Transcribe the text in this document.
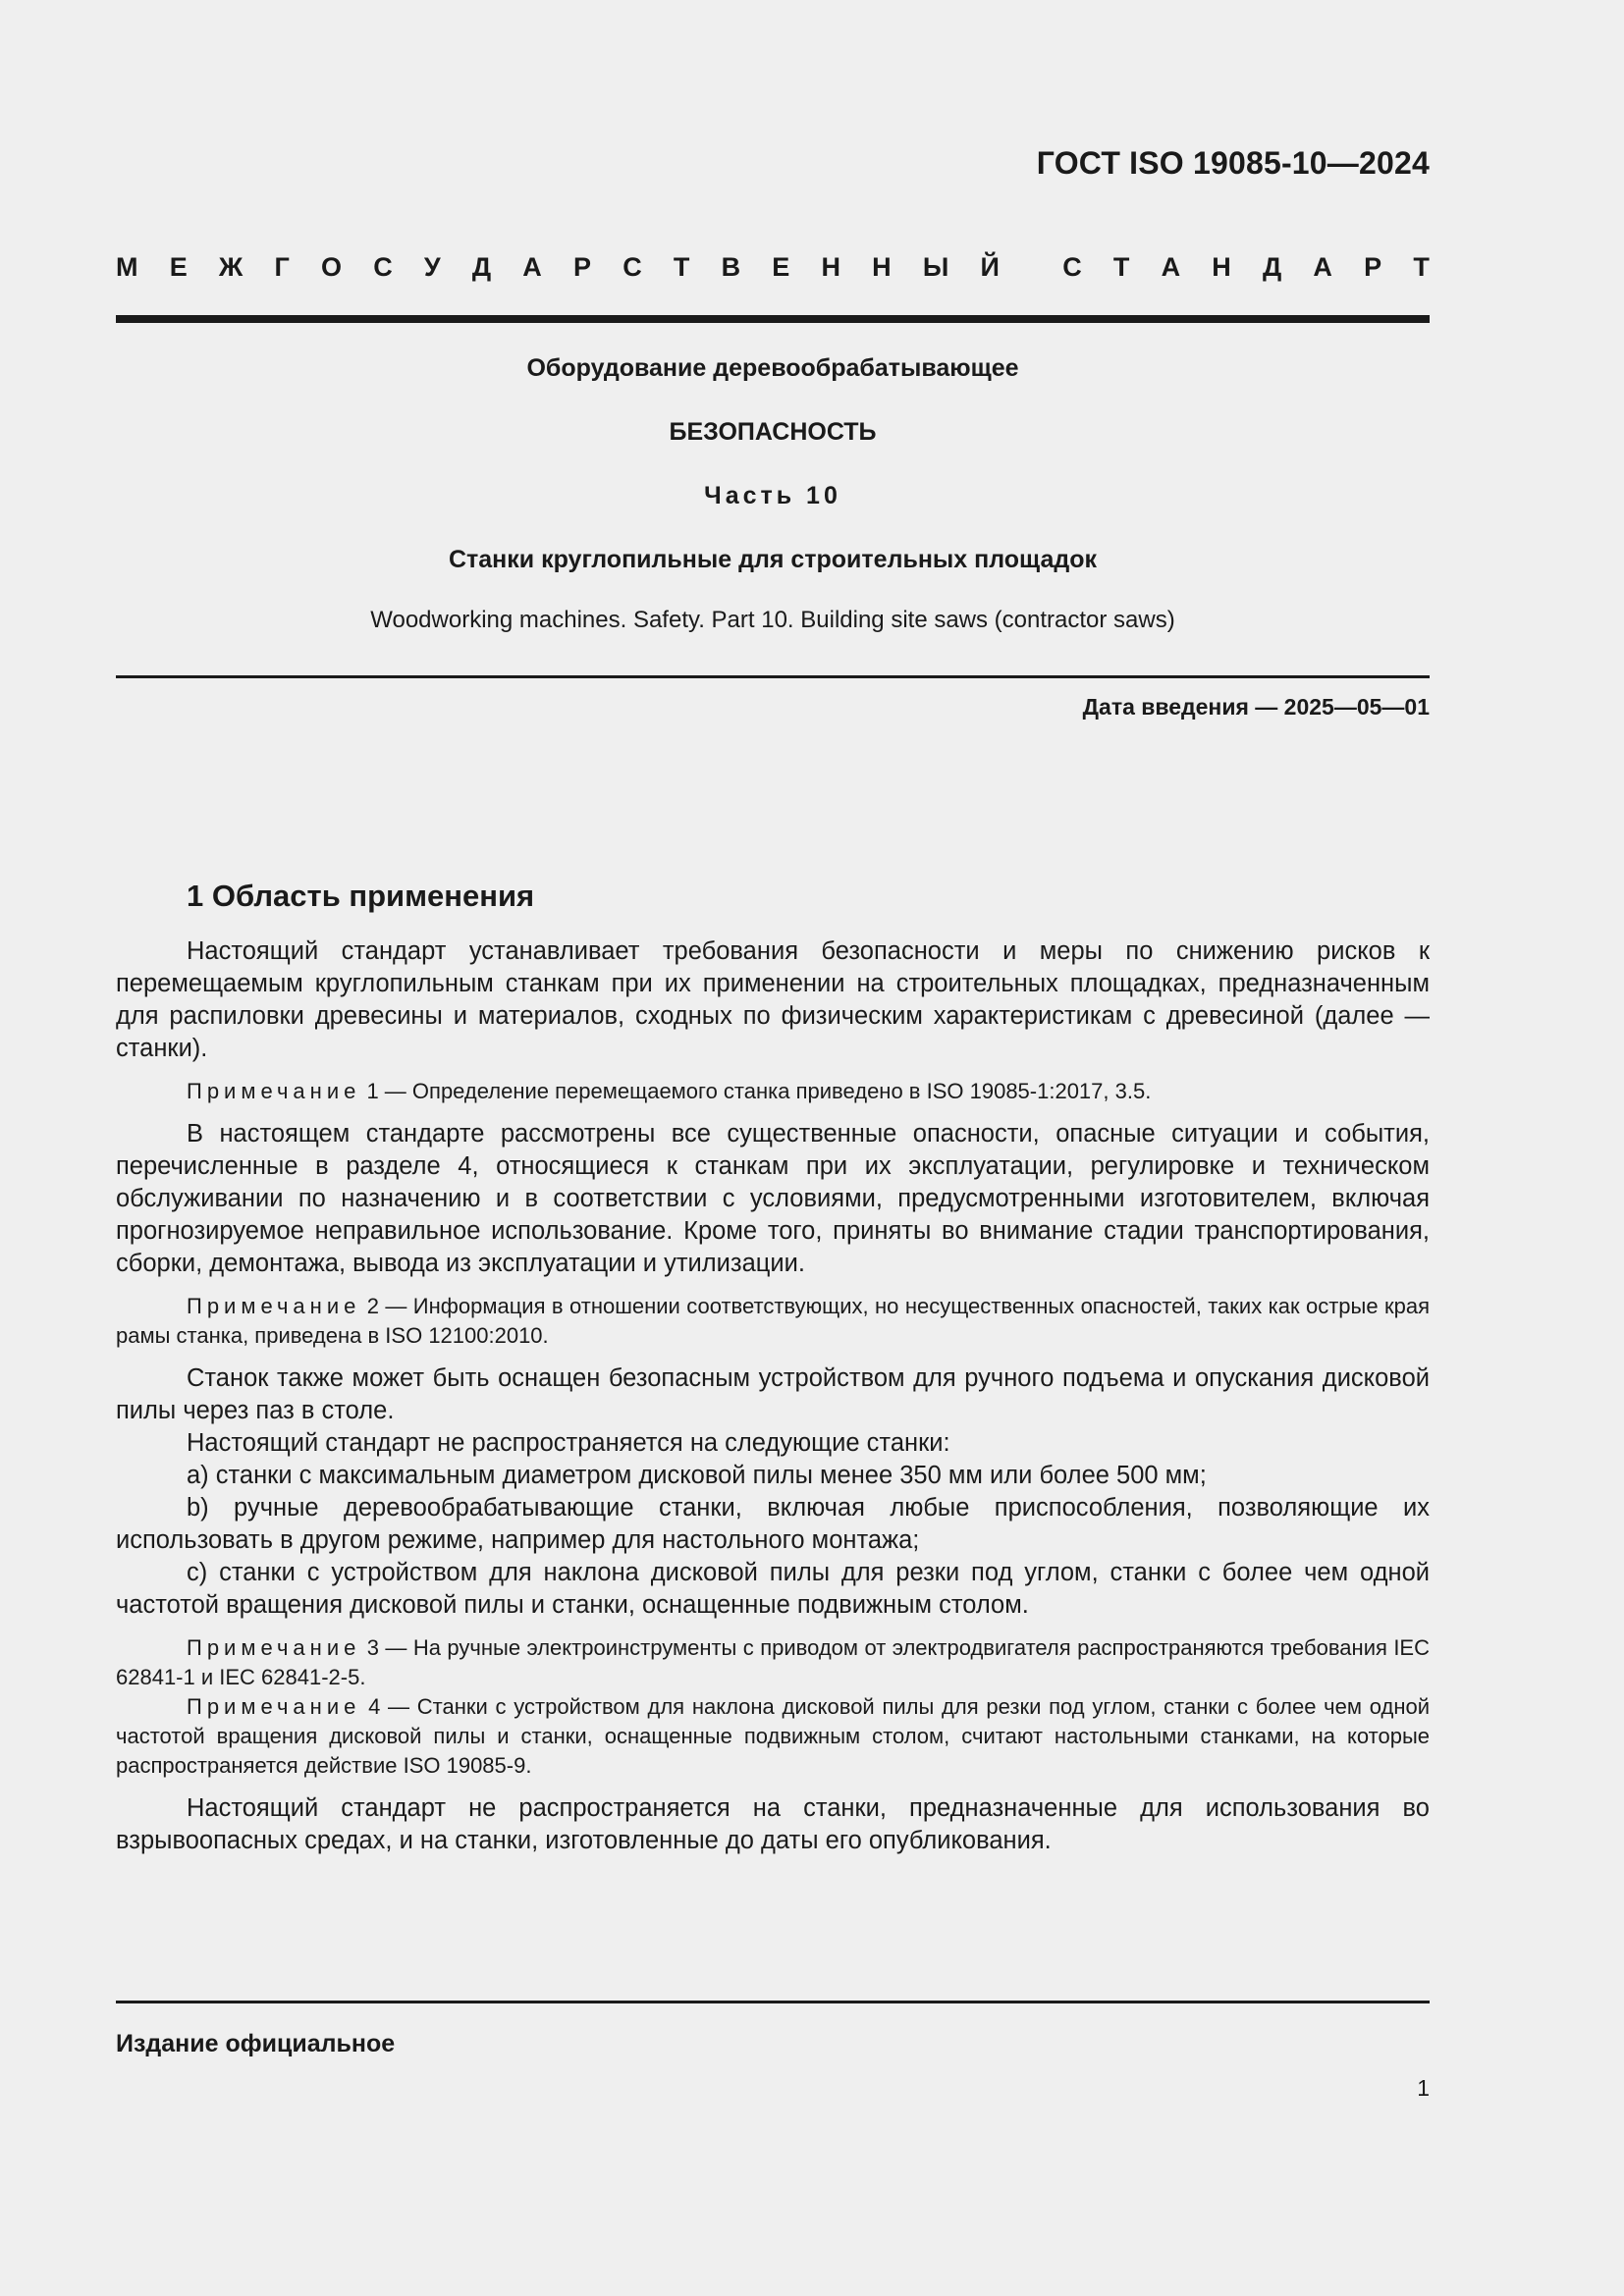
ГОСТ ISO 19085-10—2024
М Е Ж Г О С У Д А Р С Т В Е Н Н Ы Й С Т А Н Д А Р Т
Оборудование деревообрабатывающее
БЕЗОПАСНОСТЬ
Часть 10
Станки круглопильные для строительных площадок
Woodworking machines. Safety. Part 10. Building site saws (contractor saws)
Дата введения — 2025—05—01
1 Область применения

Настоящий стандарт устанавливает требования безопасности и меры по снижению рисков к перемещаемым круглопильным станкам при их применении на строительных площадках, предназначенным для распиловки древесины и материалов, сходных по физическим характеристикам с древесиной (далее — станки).

Примечание 1 — Определение перемещаемого станка приведено в ISO 19085-1:2017, 3.5.

В настоящем стандарте рассмотрены все существенные опасности, опасные ситуации и события, перечисленные в разделе 4, относящиеся к станкам при их эксплуатации, регулировке и техническом обслуживании по назначению и в соответствии с условиями, предусмотренными изготовителем, включая прогнозируемое неправильное использование. Кроме того, приняты во внимание стадии транспортирования, сборки, демонтажа, вывода из эксплуатации и утилизации.

Примечание 2 — Информация в отношении соответствующих, но несущественных опасностей, таких как острые края рамы станка, приведена в ISO 12100:2010.

Станок также может быть оснащен безопасным устройством для ручного подъема и опускания дисковой пилы через паз в столе.

Настоящий стандарт не распространяется на следующие станки:

a) станки с максимальным диаметром дисковой пилы менее 350 мм или более 500 мм;

b) ручные деревообрабатывающие станки, включая любые приспособления, позволяющие их использовать в другом режиме, например для настольного монтажа;

c) станки с устройством для наклона дисковой пилы для резки под углом, станки с более чем одной частотой вращения дисковой пилы и станки, оснащенные подвижным столом.

Примечание 3 — На ручные электроинструменты с приводом от электродвигателя распространяются требования IEC 62841-1 и IEC 62841-2-5.
Примечание 4 — Станки с устройством для наклона дисковой пилы для резки под углом, станки с более чем одной частотой вращения дисковой пилы и станки, оснащенные подвижным столом, считают настольными станками, на которые распространяется действие ISO 19085-9.

Настоящий стандарт не распространяется на станки, предназначенные для использования во взрывоопасных средах, и на станки, изготовленные до даты его опубликования.

Издание официальное
1
